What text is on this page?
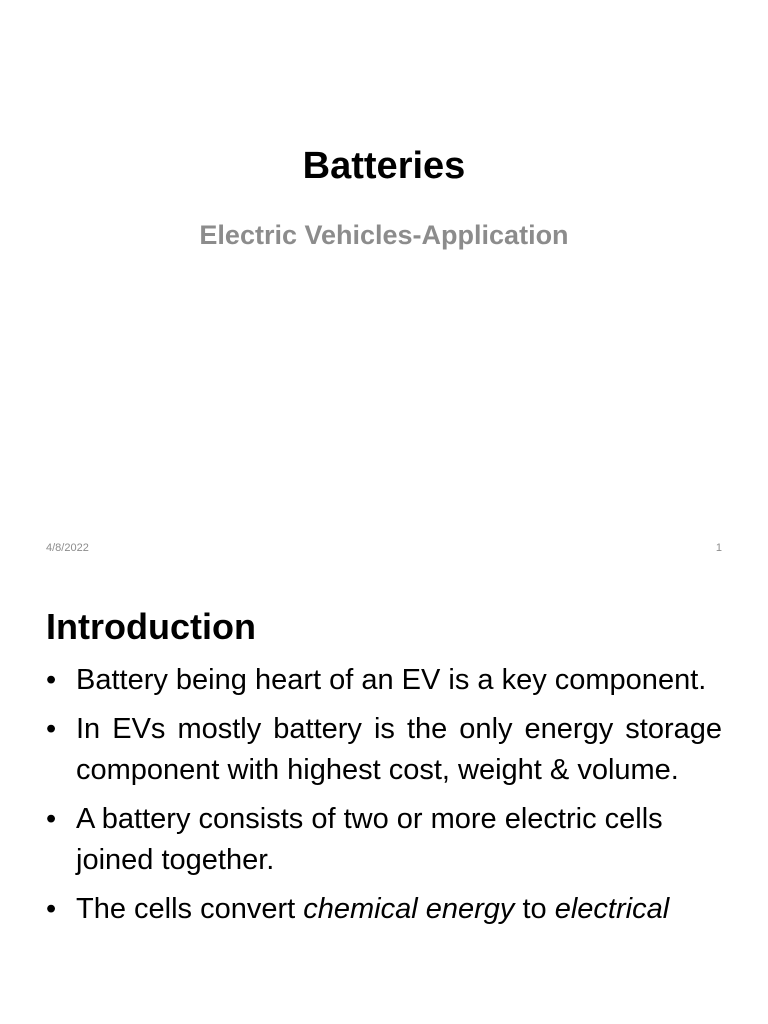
Batteries
Electric Vehicles-Application
4/8/2022	1
Introduction
• Battery being heart of an EV is a key component.
• In EVs mostly battery is the only energy storage component with highest cost, weight & volume.
• A battery consists of two or more electric cells joined together.
• The cells convert chemical energy to electrical
